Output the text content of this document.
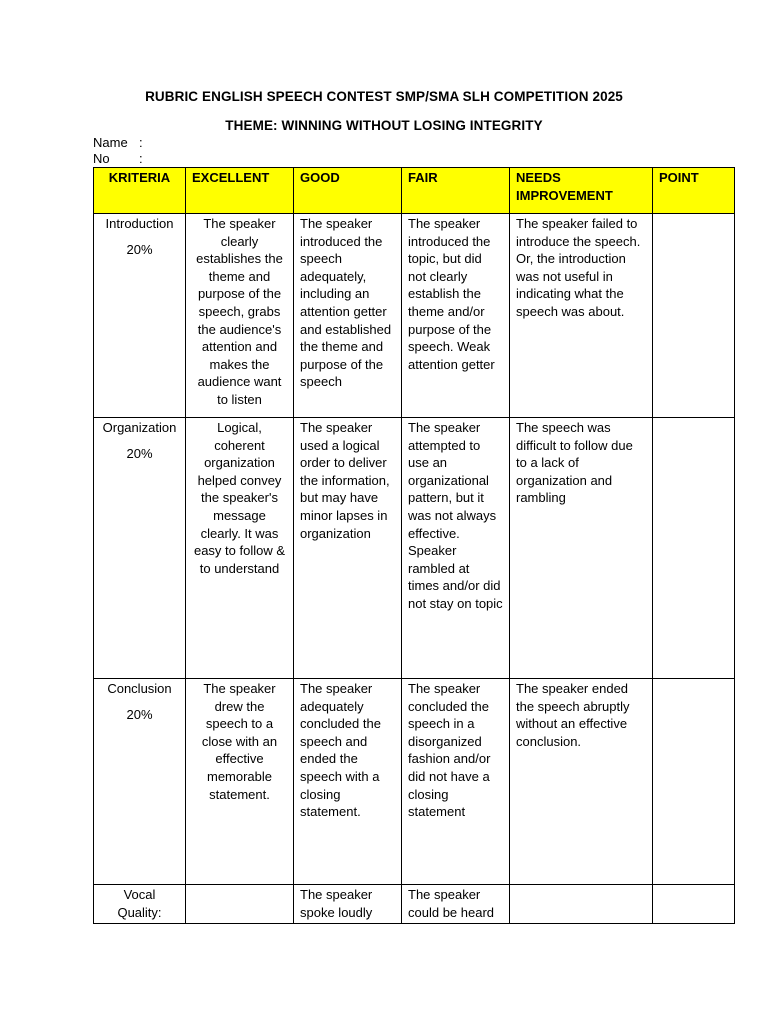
RUBRIC ENGLISH SPEECH CONTEST SMP/SMA SLH COMPETITION 2025
THEME: WINNING WITHOUT LOSING INTEGRITY
Name :
No :
KRITERIA	EXCELLENT	GOOD	FAIR	NEEDS IMPROVEMENT	POINT
Introduction
20%	The speaker clearly establishes the theme and purpose of the speech, grabs the audience's attention and makes the audience want to listen	The speaker introduced the speech adequately, including an attention getter and established the theme and purpose of the speech	The speaker introduced the topic, but did not clearly establish the theme and/or purpose of the speech. Weak attention getter	The speaker failed to introduce the speech. Or, the introduction was not useful in indicating what the speech was about.	
Organization
20%	Logical, coherent organization helped convey the speaker's message clearly. It was easy to follow & to understand	The speaker used a logical order to deliver the information, but may have minor lapses in organization	The speaker attempted to use an organizational pattern, but it was not always effective. Speaker rambled at times and/or did not stay on topic	The speech was difficult to follow due to a lack of organization and rambling	
Conclusion
20%	The speaker drew the speech to a close with an effective memorable statement.	The speaker adequately concluded the speech and ended the speech with a closing statement.	The speaker concluded the speech in a disorganized fashion and/or did not have a closing statement	The speaker ended the speech abruptly without an effective conclusion.	
Vocal Quality:		The speaker spoke loudly	The speaker could be heard		
